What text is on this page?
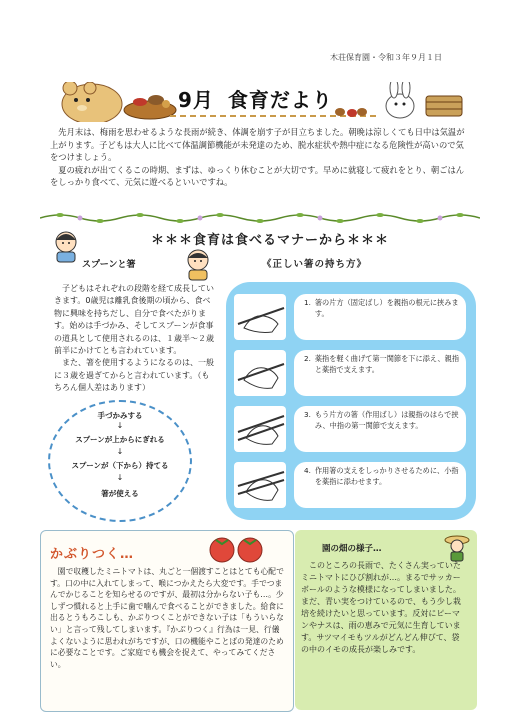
木荘保育園・令和３年９月１日
9月 食育だより

先月末は、梅雨を思わせるような長雨が続き、体調を崩す子が目立ちました。朝晩は涼しくても日中は気温が上がります。子どもは大人に比べて体温調節機能が未発達のため、脱水症状や熱中症になる危険性が高いので気をつけましょう。

夏の疲れが出てくるこの時期、まずは、ゆっくり休むことが大切です。早めに就寝して疲れをとり、朝ごはんをしっかり食べて、元気に遊べるといいですね。

＊＊＊食育は食べるマナーから＊＊＊
スプーンと箸

子どもはそれぞれの段階を経て成長していきます。0歳児は離乳食後期の頃から、食べ物に興味を持ちだし、自分で食べたがります。始めは手づかみ、そしてスプーンが食事の道具として使用されるのは、１歳半〜２歳前半にかけてとも言われています。

また、箸を使用するようになるのは、一般に３歳を過ぎてからと言われています。（もちろん個人差はあります）

手づかみする
↓
スプーンが上からにぎれる
↓
スプーンが（下から）持てる
↓
箸が使える
《正しい箸の持ち方》
1. 箸の片方（固定ばし）を親指の根元に挟みます。
2. 薬指を軽く曲げて第一関節を下に添え、親指と薬指で支えます。
3. もう片方の箸（作用ばし）は親指のはらで挟み、中指の第一関節で支えます。
4. 作用箸の支えをしっかりさせるために、小指を薬指に添わせます。
かぶりつく…

園で収穫したミニトマトは、丸ごと一個渡すことはとても心配です。口の中に入れてしまって、喉につかえたら大変です。手でつまんでかじることを知らせるのですが、最初は分からない子も…。少しずつ慣れると上手に歯で噛んで食べることができました。給食に出るとうもろこしも、かぶりつくことができない子は「もういらない」と言って残してしまいます。『かぶりつく』行為は一見、行儀よくないように思われがちですが、口の機能やことばの発達のために必要なことです。ご家庭でも機会を捉えて、やってみてください。

園の畑の様子…

このところの長雨で、たくさん実っていたミニトマトにひび割れが…。まるでサッカーボールのような模様になってしまいました。まだ、青い実をつけているので、もう少し栽培を続けたいと思っています。反対にピーマンやナスは、雨の恵みで元気に生育しています。サツマイモもツルがどんどん伸びて、袋の中のイモの成長が楽しみです。
